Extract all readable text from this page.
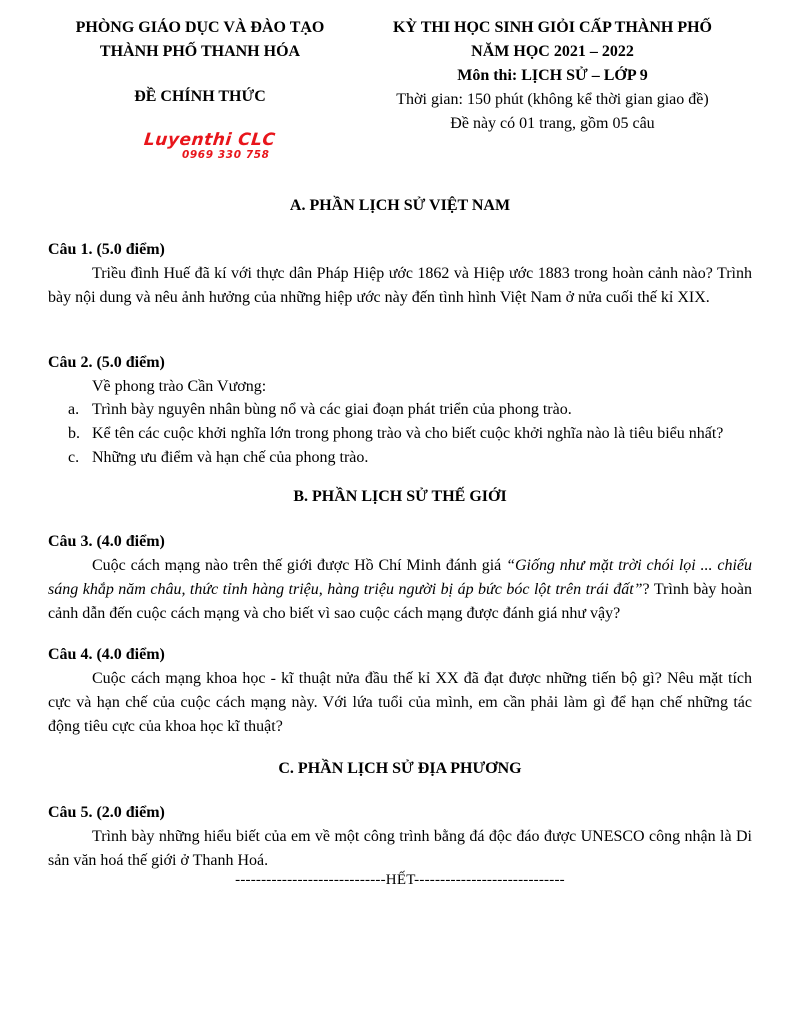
PHÒNG GIÁO DỤC VÀ ĐÀO TẠO
THÀNH PHỐ THANH HÓA
KỲ THI HỌC SINH GIỎI CẤP THÀNH PHỐ
NĂM HỌC 2021 – 2022
Môn thi: LỊCH SỬ – LỚP 9
Thời gian: 150 phút (không kể thời gian giao đề)
Đề này có 01 trang, gồm 05 câu
ĐỀ CHÍNH THỨC
Luyenthi CLC
0969 330 758
A. PHẦN LỊCH SỬ VIỆT NAM
Câu 1. (5.0 điểm)
Triều đình Huế đã kí với thực dân Pháp Hiệp ước 1862 và Hiệp ước 1883 trong hoàn cảnh nào? Trình bày nội dung và nêu ảnh hưởng của những hiệp ước này đến tình hình Việt Nam ở nửa cuối thế kỉ XIX.
Câu 2. (5.0 điểm)
Về phong trào Cần Vương:
a. Trình bày nguyên nhân bùng nổ và các giai đoạn phát triển của phong trào.
b. Kể tên các cuộc khởi nghĩa lớn trong phong trào và cho biết cuộc khởi nghĩa nào là tiêu biểu nhất?
c. Những ưu điểm và hạn chế của phong trào.
B. PHẦN LỊCH SỬ THẾ GIỚI
Câu 3. (4.0 điểm)
Cuộc cách mạng nào trên thế giới được Hồ Chí Minh đánh giá “Giống như mặt trời chói lọi ... chiếu sáng khắp năm châu, thức tỉnh hàng triệu, hàng triệu người bị áp bức bóc lột trên trái đất”? Trình bày hoàn cảnh dẫn đến cuộc cách mạng và cho biết vì sao cuộc cách mạng được đánh giá như vậy?
Câu 4. (4.0 điểm)
Cuộc cách mạng khoa học - kĩ thuật nửa đầu thế kỉ XX đã đạt được những tiến bộ gì? Nêu mặt tích cực và hạn chế của cuộc cách mạng này. Với lứa tuổi của mình, em cần phải làm gì để hạn chế những tác động tiêu cực của khoa học kĩ thuật?
C. PHẦN LỊCH SỬ ĐỊA PHƯƠNG
Câu 5. (2.0 điểm)
Trình bày những hiểu biết của em về một công trình bằng đá độc đáo được UNESCO công nhận là Di sản văn hoá thế giới ở Thanh Hoá.
-----------------------------HẾT-----------------------------
